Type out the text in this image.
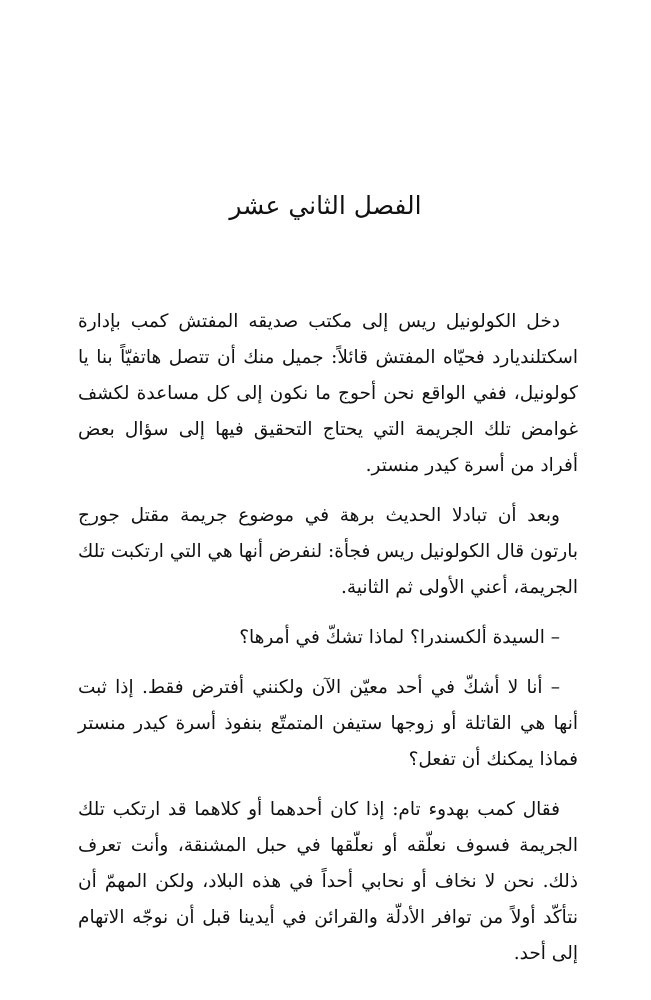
الفصل الثاني عشر

دخل الكولونيل ريس إلى مكتب صديقه المفتش كمب بإدارة اسكتلنديارد فحيّاه المفتش قائلاً: جميل منك أن تتصل هاتفيّاً بنا يا كولونيل، ففي الواقع نحن أحوج ما نكون إلى كل مساعدة لكشف غوامض تلك الجريمة التي يحتاج التحقيق فيها إلى سؤال بعض أفراد من أسرة كيدر منستر.

وبعد أن تبادلا الحديث برهة في موضوع جريمة مقتل جورج بارتون قال الكولونيل ريس فجأة: لنفرض أنها هي التي ارتكبت تلك الجريمة، أعني الأولى ثم الثانية.

– السيدة ألكسندرا؟ لماذا تشكّ في أمرها؟

– أنا لا أشكّ في أحد معيّن الآن ولكنني أفترض فقط. إذا ثبت أنها هي القاتلة أو زوجها ستيفن المتمتّع بنفوذ أسرة كيدر منستر فماذا يمكنك أن تفعل؟

فقال كمب بهدوء تام: إذا كان أحدهما أو كلاهما قد ارتكب تلك الجريمة فسوف نعلّقه أو نعلّقها في حبل المشنقة، وأنت تعرف ذلك. نحن لا نخاف أو نحابي أحداً في هذه البلاد، ولكن المهمّ أن نتأكّد أولاً من توافر الأدلّة والقرائن في أيدينا قبل أن نوجّه الاتهام إلى أحد.
